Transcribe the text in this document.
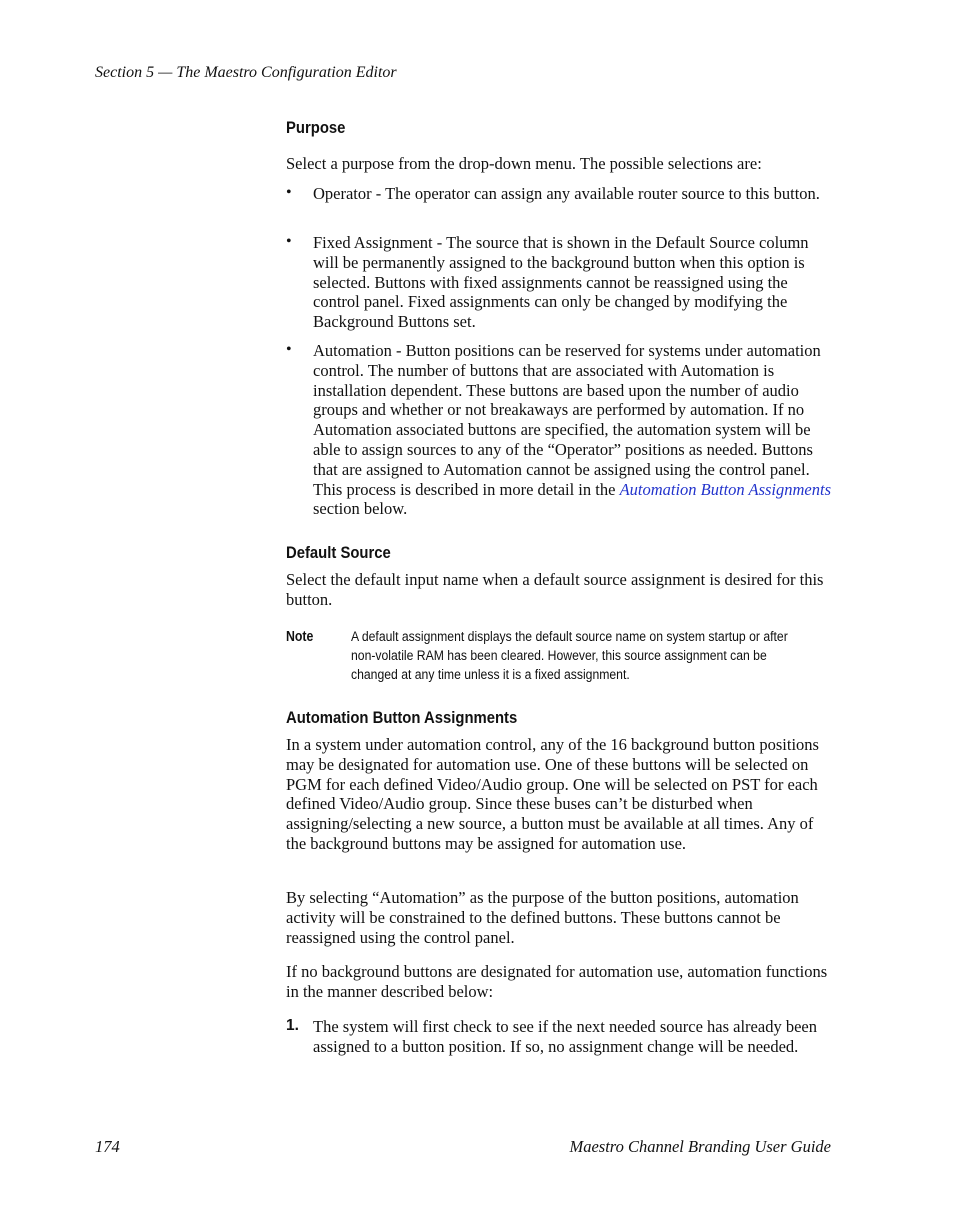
Section 5 — The Maestro Configuration Editor
Purpose

Select a purpose from the drop-down menu. The possible selections are:

• Operator - The operator can assign any available router source to this button.

• Fixed Assignment - The source that is shown in the Default Source column will be permanently assigned to the background button when this option is selected. Buttons with fixed assignments cannot be reassigned using the control panel. Fixed assignments can only be changed by modifying the Background Buttons set.

• Automation - Button positions can be reserved for systems under automation control. The number of buttons that are associated with Automation is installation dependent. These buttons are based upon the number of audio groups and whether or not breakaways are performed by automation. If no Automation associated buttons are specified, the automation system will be able to assign sources to any of the “Operator” positions as needed. Buttons that are assigned to Automation cannot be assigned using the control panel. This process is described in more detail in the Automation Button Assignments section below.

Default Source

Select the default input name when a default source assignment is desired for this button.

Note	A default assignment displays the default source name on system startup or after non-volatile RAM has been cleared. However, this source assignment can be changed at any time unless it is a fixed assignment.
Automation Button Assignments

In a system under automation control, any of the 16 background button positions may be designated for automation use. One of these buttons will be selected on PGM for each defined Video/Audio group. One will be selected on PST for each defined Video/Audio group. Since these buses can’t be disturbed when assigning/selecting a new source, a button must be available at all times. Any of the background buttons may be assigned for automation use.

By selecting “Automation” as the purpose of the button positions, automation activity will be constrained to the defined buttons. These buttons cannot be reassigned using the control panel.

If no background buttons are designated for automation use, automation functions in the manner described below:

1. The system will first check to see if the next needed source has already been assigned to a button position. If so, no assignment change will be needed.

174	Maestro Channel Branding User Guide
